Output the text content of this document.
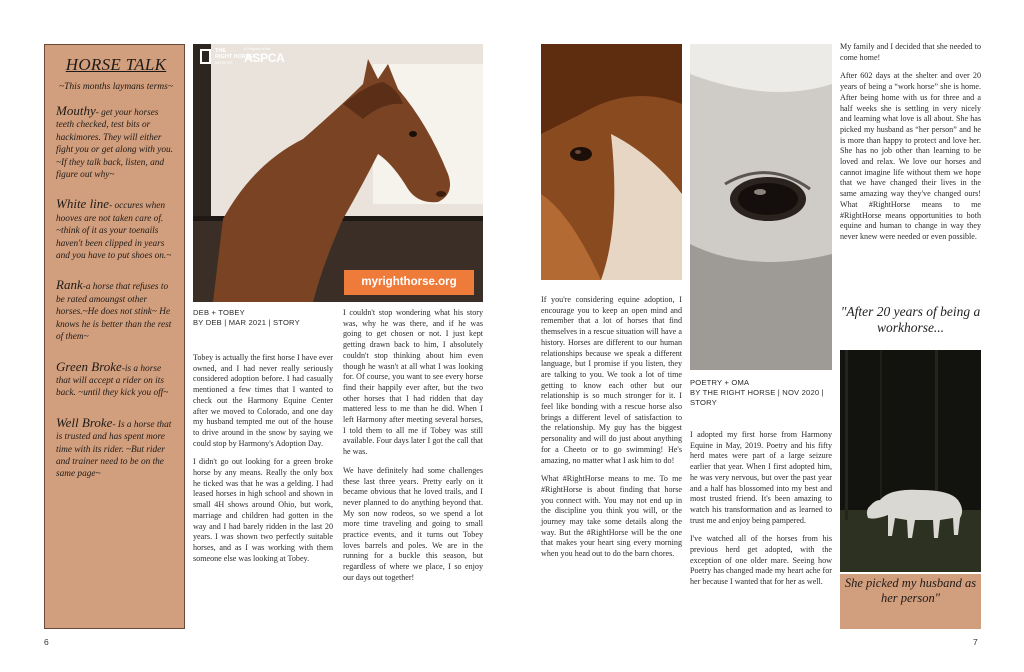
HORSE TALK
~This months laymans terms~
Mouthy- get your horses teeth checked, test bits or hackimores. They will either fight you or get along with you. ~If they talk back, listen, and figure out why~
White line- occures when hooves are not taken care of. ~think of it as your toenails haven't been clipped in years and you have to put shoes on.~
Rank-a horse that refuses to be rated amoungst other horses.~He does not stink~ He knows he is better than the rest of them~
Green Broke-is a horse that will accept a rider on its back. ~until they kick you off~
Well Broke- Is a horse that is trusted and has spent more time with its rider. ~But rider and trainer need to be on the same page~
THE
RIGHT HORSE
INITIATIVE
A Program of the
ASPCA
myrighthorse.org
DEB + TOBEY
BY DEB | MAR 2021 | STORY

Tobey is actually the first horse I have ever owned, and I had never really seriously considered adoption before. I had casually mentioned a few times that I wanted to check out the Harmony Equine Center after we moved to Colorado, and one day my husband tempted me out of the house to drive around in the snow by saying we could stop by Harmony's Adoption Day.

I didn't go out looking for a green broke horse by any means. Really the only box he ticked was that he was a gelding. I had leased horses in high school and shown in small 4H shows around Ohio, but work, marriage and children had gotten in the way and I had barely ridden in the last 20 years. I was shown two perfectly suitable horses, and as I was working with them someone else was looking at Tobey.

I couldn't stop wondering what his story was, why he was there, and if he was going to get chosen or not. I just kept getting drawn back to him, I absolutely couldn't stop thinking about him even though he wasn't at all what I was looking for. Of course, you want to see every horse find their happily ever after, but the two other horses that I had ridden that day mattered less to me than he did. When I left Harmony after meeting several horses, I told them to all me if Tobey was still available. Four days later I got the call that he was.

We have definitely had some challenges these last three years. Pretty early on it became obvious that he loved trails, and I never planned to do anything beyond that. My son now rodeos, so we spend a lot more time traveling and going to small practice events, and it turns out Tobey loves barrels and poles. We are in the running for a buckle this season, but regardless of where we place, I so enjoy our days out together!

If you're considering equine adoption, I encourage you to keep an open mind and remember that a lot of horses that find themselves in a rescue situation will have a history. Horses are different to our human relationships because we speak a different language, but I promise if you listen, they are talking to you. We took a lot of time getting to know each other but our relationship is so much stronger for it. I feel like bonding with a rescue horse also brings a different level of satisfaction to the relationship. My guy has the biggest personality and will do just about anything for a Cheeto or to go swimming! He's amazing, no matter what I ask him to do!

What #RightHorse means to me. To me #RightHorse is about finding that horse you connect with. You may not end up in the discipline you think you will, or the journey may take some details along the way. But the #RightHorse will be the one that makes your heart sing every morning when you head out to do the barn chores.

POETRY + OMA
BY THE RIGHT HORSE | NOV 2020 | STORY

I adopted my first horse from Harmony Equine in May, 2019. Poetry and his fifty herd mates were part of a large seizure earlier that year. When I first adopted him, he was very nervous, but over the past year and a half has blossomed into my best and most trusted friend. It's been amazing to watch his transformation and as learned to trust me and enjoy being pampered.

I've watched all of the horses from his previous herd get adopted, with the exception of one older mare. Seeing how Poetry has changed made my heart ache for her because I wanted that for her as well.

My family and I decided that she needed to come home!

After 602 days at the shelter and over 20 years of being a “work horse” she is home. After being home with us for three and a half weeks she is settling in very nicely and learning what love is all about. She has picked my husband as “her person” and he is more than happy to protect and love her. She has no job other than learning to be loved and relax. We love our horses and cannot imagine life without them we hope that we have changed their lives in the same amazing way they've changed ours! What #RightHorse means to me #RightHorse means opportunities to both equine and human to change in way they never knew were needed or even possible.

"After 20 years of being a workhorse...
She picked my husband as her person"
6	7
